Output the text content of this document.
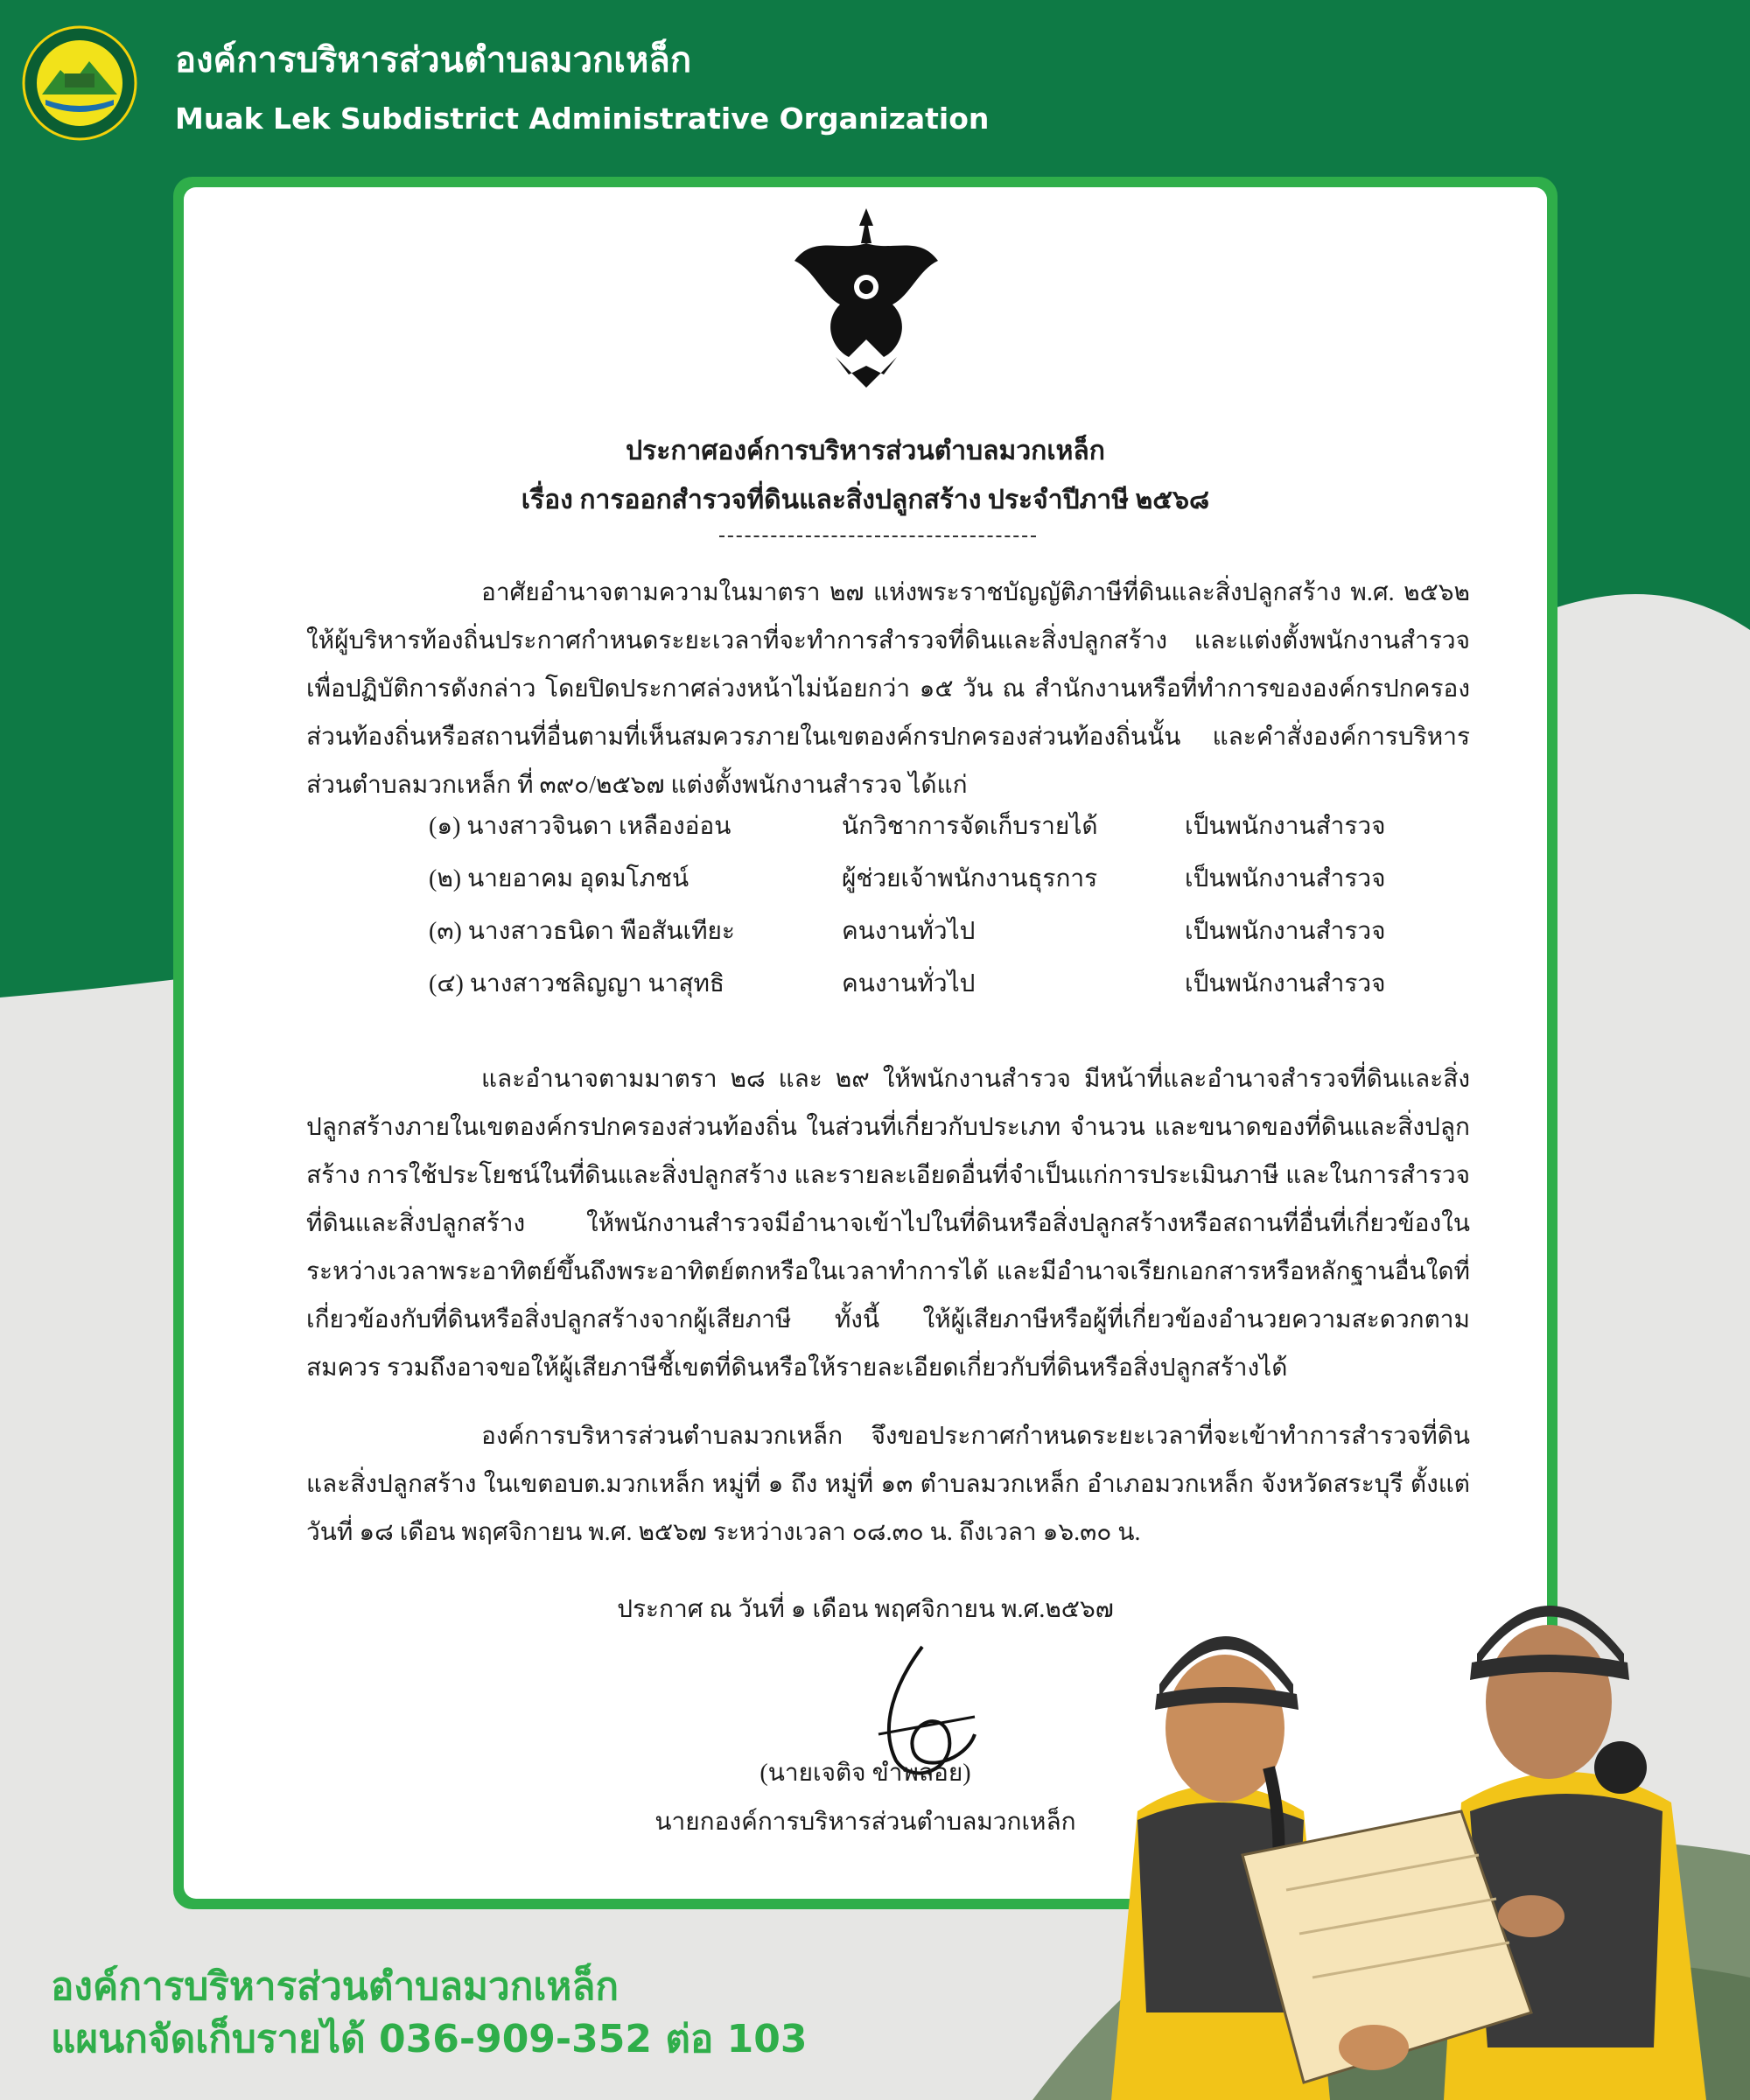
องค์การบริหารส่วนตำบลมวกเหล็ก
Muak Lek Subdistrict Administrative Organization
ประกาศองค์การบริหารส่วนตำบลมวกเหล็ก
เรื่อง การออกสำรวจที่ดินและสิ่งปลูกสร้าง ประจำปีภาษี ๒๕๖๘

อาศัยอำนาจตามความในมาตรา ๒๗ แห่งพระราชบัญญัติภาษีที่ดินและสิ่งปลูกสร้าง พ.ศ. ๒๕๖๒ ให้ผู้บริหารท้องถิ่นประกาศกำหนดระยะเวลาที่จะทำการสำรวจที่ดินและสิ่งปลูกสร้าง และแต่งตั้งพนักงานสำรวจเพื่อปฏิบัติการดังกล่าว โดยปิดประกาศล่วงหน้าไม่น้อยกว่า ๑๕ วัน ณ สำนักงานหรือที่ทำการขององค์กรปกครองส่วนท้องถิ่นหรือสถานที่อื่นตามที่เห็นสมควรภายในเขตองค์กรปกครองส่วนท้องถิ่นนั้น และคำสั่งองค์การบริหารส่วนตำบลมวกเหล็ก ที่ ๓๙๐/๒๕๖๗ แต่งตั้งพนักงานสำรวจ ได้แก่

(๑) นางสาวจินดา เหลืองอ่อน	นักวิชาการจัดเก็บรายได้	เป็นพนักงานสำรวจ
(๒) นายอาคม อุดมโภชน์	ผู้ช่วยเจ้าพนักงานธุรการ	เป็นพนักงานสำรวจ
(๓) นางสาวธนิดา พือสันเทียะ	คนงานทั่วไป	เป็นพนักงานสำรวจ
(๔) นางสาวชลิญญา นาสุทธิ	คนงานทั่วไป	เป็นพนักงานสำรวจ

และอำนาจตามมาตรา ๒๘ และ ๒๙ ให้พนักงานสำรวจ มีหน้าที่และอำนาจสำรวจที่ดินและสิ่งปลูกสร้างภายในเขตองค์กรปกครองส่วนท้องถิ่น ในส่วนที่เกี่ยวกับประเภท จำนวน และขนาดของที่ดินและสิ่งปลูกสร้าง การใช้ประโยชน์ในที่ดินและสิ่งปลูกสร้าง และรายละเอียดอื่นที่จำเป็นแก่การประเมินภาษี และในการสำรวจที่ดินและสิ่งปลูกสร้าง ให้พนักงานสำรวจมีอำนาจเข้าไปในที่ดินหรือสิ่งปลูกสร้างหรือสถานที่อื่นที่เกี่ยวข้องในระหว่างเวลาพระอาทิตย์ขึ้นถึงพระอาทิตย์ตกหรือในเวลาทำการได้ และมีอำนาจเรียกเอกสารหรือหลักฐานอื่นใดที่เกี่ยวข้องกับที่ดินหรือสิ่งปลูกสร้างจากผู้เสียภาษี ทั้งนี้ ให้ผู้เสียภาษีหรือผู้ที่เกี่ยวข้องอำนวยความสะดวกตามสมควร รวมถึงอาจขอให้ผู้เสียภาษีชี้เขตที่ดินหรือให้รายละเอียดเกี่ยวกับที่ดินหรือสิ่งปลูกสร้างได้

องค์การบริหารส่วนตำบลมวกเหล็ก จึงขอประกาศกำหนดระยะเวลาที่จะเข้าทำการสำรวจที่ดินและสิ่งปลูกสร้าง ในเขตอบต.มวกเหล็ก หมู่ที่ ๑ ถึง หมู่ที่ ๑๓ ตำบลมวกเหล็ก อำเภอมวกเหล็ก จังหวัดสระบุรี ตั้งแต่วันที่ ๑๘ เดือน พฤศจิกายน พ.ศ. ๒๕๖๗ ระหว่างเวลา ๐๘.๓๐ น. ถึงเวลา ๑๖.๓๐ น.

ประกาศ ณ วันที่ ๑ เดือน พฤศจิกายน พ.ศ.๒๕๖๗
(นายเจติจ ขำพลอย)
นายกองค์การบริหารส่วนตำบลมวกเหล็ก
องค์การบริหารส่วนตำบลมวกเหล็ก
แผนกจัดเก็บรายได้ 036-909-352 ต่อ 103
